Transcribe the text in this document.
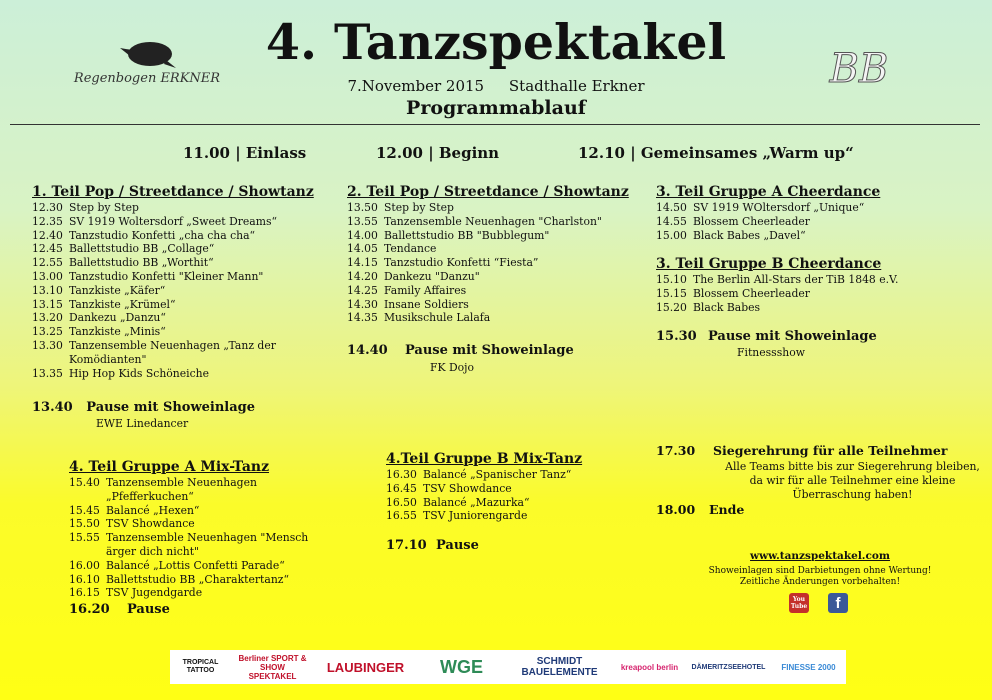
Regenbogen ERKNER	BB
4. Tanzspektakel
7.November 2015 Stadthalle Erkner
Programmablauf
11.00 | Einlass	12.00 | Beginn	12.10 | Gemeinsames „Warm up“
1. Teil Pop / Streetdance / Showtanz
12.30 Step by Step
12.35 SV 1919 Woltersdorf „Sweet Dreams“
12.40 Tanzstudio Konfetti „cha cha cha“
12.45 Ballettstudio BB „Collage“
12.55 Ballettstudio BB „Worthit“
13.00 Tanzstudio Konfetti "Kleiner Mann"
13.10 Tanzkiste „Käfer“
13.15 Tanzkiste „Krümel“
13.20 Dankezu „Danzu“
13.25 Tanzkiste „Minis“
13.30 Tanzensemble Neuenhagen „Tanz der Komödianten"
13.35 Hip Hop Kids Schöneiche
13.40 Pause mit Showeinlage
EWE Linedancer
2. Teil Pop / Streetdance / Showtanz
13.50 Step by Step
13.55 Tanzensemble Neuenhagen "Charlston"
14.00 Ballettstudio BB "Bubblegum"
14.05 Tendance
14.15 Tanzstudio Konfetti “Fiesta”
14.20 Dankezu "Danzu"
14.25 Family Affaires
14.30 Insane Soldiers
14.35 Musikschule Lalafa
14.40 Pause mit Showeinlage
FK Dojo
3. Teil Gruppe A Cheerdance
14.50 SV 1919 WOltersdorf „Unique“
14.55 Blossem Cheerleader
15.00 Black Babes „Davel“
3. Teil Gruppe B Cheerdance
15.10 The Berlin All-Stars der TiB 1848 e.V.
15.15 Blossem Cheerleader
15.20 Black Babes
15.30 Pause mit Showeinlage
Fitnessshow
4. Teil Gruppe A Mix-Tanz
15.40 Tanzensemble Neuenhagen „Pfefferkuchen“
15.45 Balancé „Hexen“
15.50 TSV Showdance
15.55 Tanzensemble Neuenhagen "Mensch ärger dich nicht"
16.00 Balancé „Lottis Confetti Parade“
16.10 Ballettstudio BB „Charaktertanz“
16.15 TSV Jugendgarde
16.20 Pause
4.Teil Gruppe B Mix-Tanz
16.30 Balancé „Spanischer Tanz“
16.45 TSV Showdance
16.50 Balancé „Mazurka“
16.55 TSV Juniorengarde
17.10 Pause
17.30 Siegerehrung für alle Teilnehmer
Alle Teams bitte bis zur Siegerehrung bleiben, da wir für alle Teilnehmer eine kleine Überraschung haben!
18.00 Ende
www.tanzspektakel.com
Showeinlagen sind Darbietungen ohne Wertung!
Zeitliche Änderungen vorbehalten!
You Tube	f
TROPICAL TATTOO
Berliner SPORT & SHOW SPEKTAKEL
LAUBINGER	WGE	SCHMIDT BAUELEMENTE	kreapool berlin	DÄMERITZSEEHOTEL	FINESSE 2000
